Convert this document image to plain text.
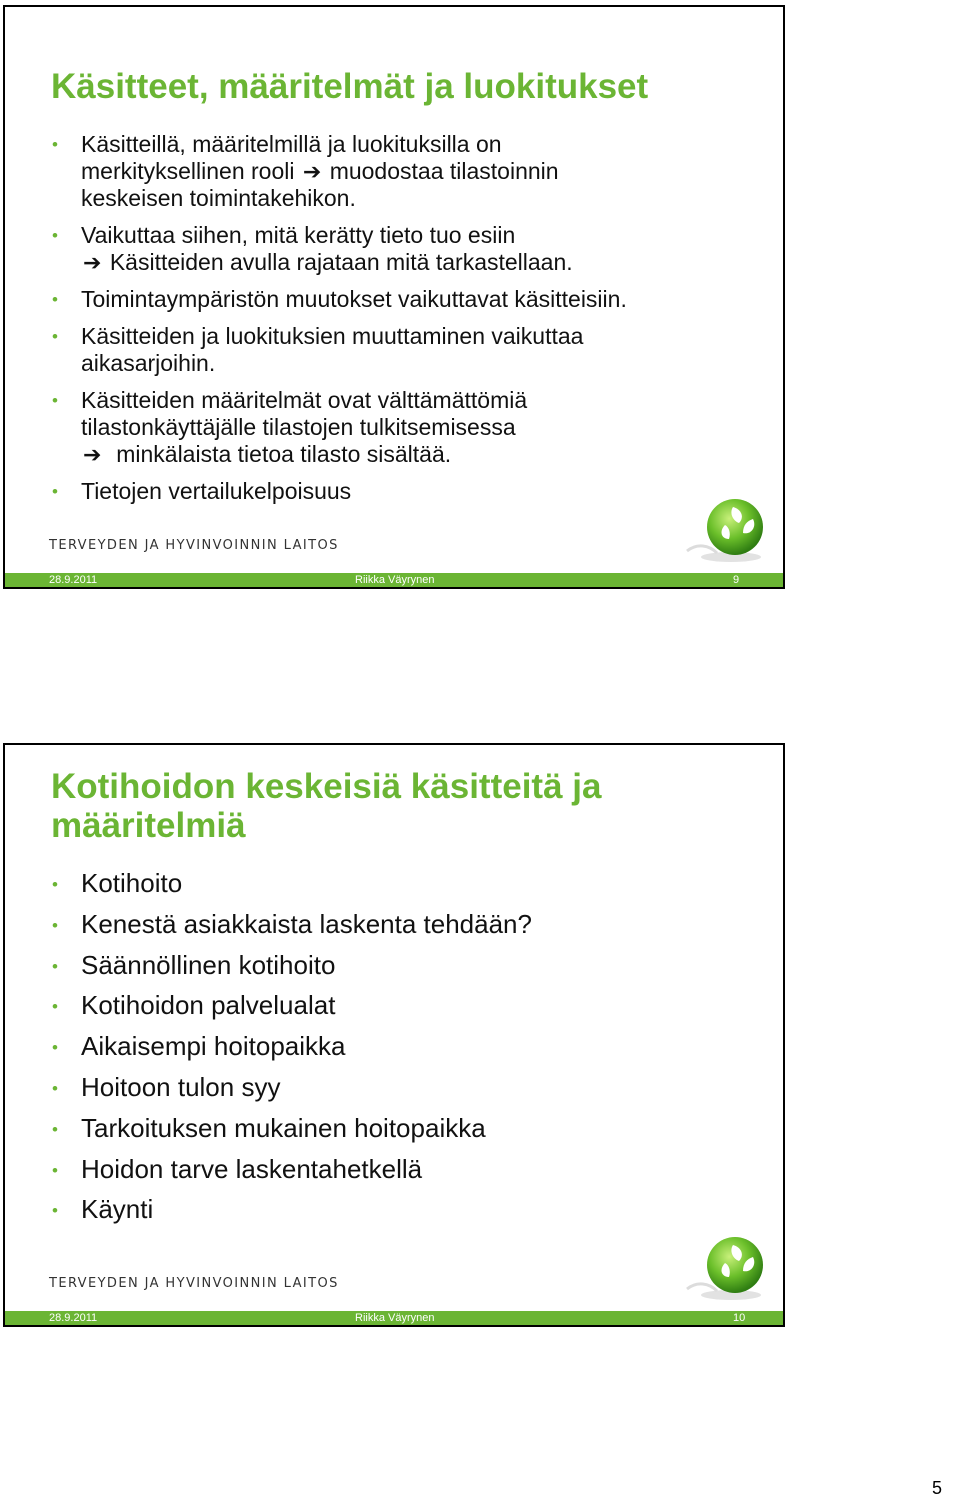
Käsitteet, määritelmät ja luokitukset
• Käsitteillä, määritelmillä ja luokituksilla on
merkityksellinen rooli ➔ muodostaa tilastoinnin
keskeisen toimintakehikon.
• Vaikuttaa siihen, mitä kerätty tieto tuo esiin
➔ Käsitteiden avulla rajataan mitä tarkastellaan.
• Toimintaympäristön muutokset vaikuttavat käsitteisiin.
• Käsitteiden ja luokituksien muuttaminen vaikuttaa
aikasarjoihin.
• Käsitteiden määritelmät ovat välttämättömiä
tilastonkäyttäjälle tilastojen tulkitsemisessa
➔ minkälaista tietoa tilasto sisältää.
• Tietojen vertailukelpoisuus
TERVEYDEN JA HYVINVOINNIN LAITOS
28.9.2011	Riikka Väyrynen	9
Kotihoidon keskeisiä käsitteitä ja määritelmiä
• Kotihoito
• Kenestä asiakkaista laskenta tehdään?
• Säännöllinen kotihoito
• Kotihoidon palvelualat
• Aikaisempi hoitopaikka
• Hoitoon tulon syy
• Tarkoituksen mukainen hoitopaikka
• Hoidon tarve laskentahetkellä
• Käynti
TERVEYDEN JA HYVINVOINNIN LAITOS
28.9.2011	Riikka Väyrynen	10
5
